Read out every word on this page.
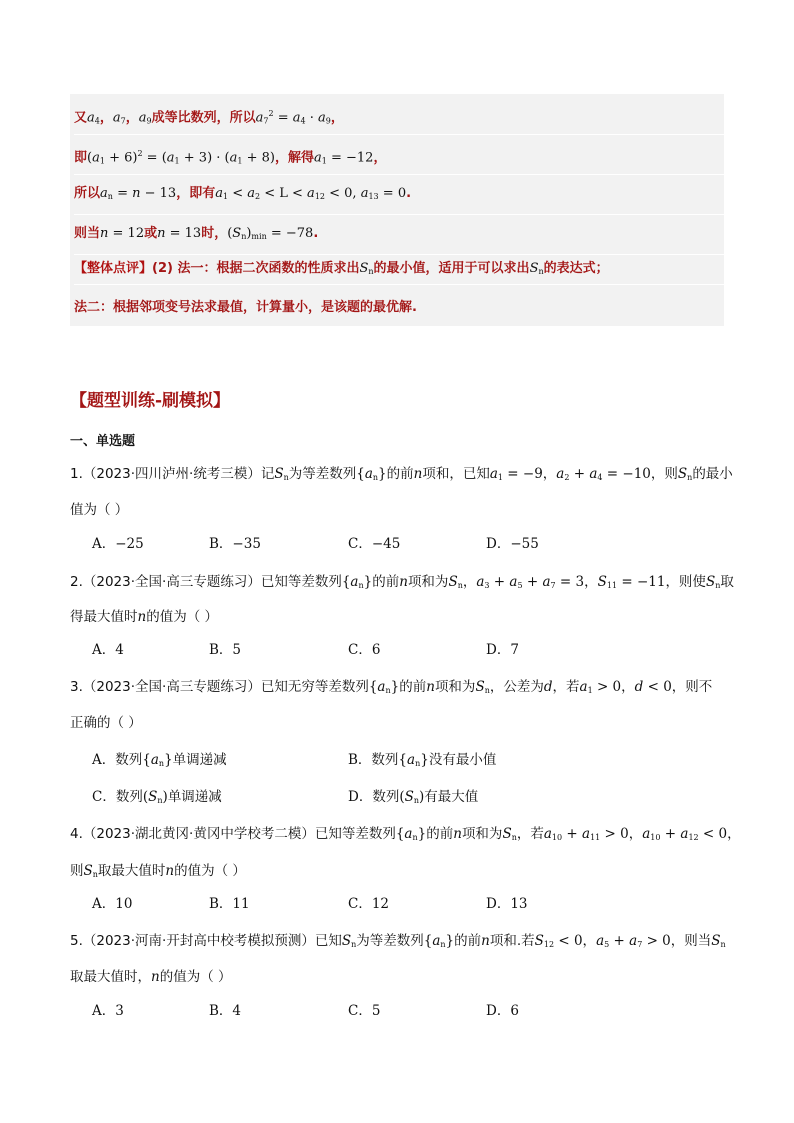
又$a_4$，$a_7$，$a_9$成等比数列，所以$a_7^2 = a_4 \cdot a_9$，
即$(a_1 + 6)^2 = (a_1 + 3) \cdot (a_1 + 8)$，解得$a_1 = -12$，
所以$a_n = n - 13$，即有$a_1 < a_2 < L < a_{12} < 0$, $a_{13} = 0$.
则当n = 12或n = 13时，$(S_n)_{min} = -78$.
【整体点评】(2) 法一：根据二次函数的性质求出$S_n$的最小值，适用于可以求出$S_n$的表达式；
法二：根据邻项变号法求最值，计算量小，是该题的最优解.
【题型训练-刷模拟】
一、单选题
1.（2023·四川泸州·统考三模）记$S_n$为等差数列$\{a_n\}$的前n项和，已知$a_1 = -9$，$a_2 + a_4 = -10$，则$S_n$的最小
值为（ ）
A．−25	B．−35	C．−45	D．−55
2.（2023·全国·高三专题练习）已知等差数列$\{a_n\}$的前n项和为$S_n$，$a_3 + a_5 + a_7 = 3$，$S_{11} = -11$，则使$S_n$取
得最大值时n的值为（ ）
A．4	B．5	C．6	D．7
3.（2023·全国·高三专题练习）已知无穷等差数列$\{a_n\}$的前n项和为$S_n$，公差为d，若$a_1 > 0$，d < 0，则不
正确的（ ）
A．数列$\{a_n\}$单调递减	B．数列$\{a_n\}$没有最小值
C．数列$(S_n)$单调递减	D．数列$(S_n)$有最大值
4.（2023·湖北黄冈·黄冈中学校考二模）已知等差数列$\{a_n\}$的前n项和为$S_n$，若$a_{10} + a_{11} > 0$，$a_{10} + a_{12} < 0$，
则$S_n$取最大值时n的值为（ ）
A．10	B．11	C．12	D．13
5.（2023·河南·开封高中校考模拟预测）已知$S_n$为等差数列$\{a_n\}$的前n项和.若$S_{12} < 0$，$a_5 + a_7 > 0$，则当$S_n$
取最大值时，n的值为（ ）
A．3	B．4	C．5	D．6
